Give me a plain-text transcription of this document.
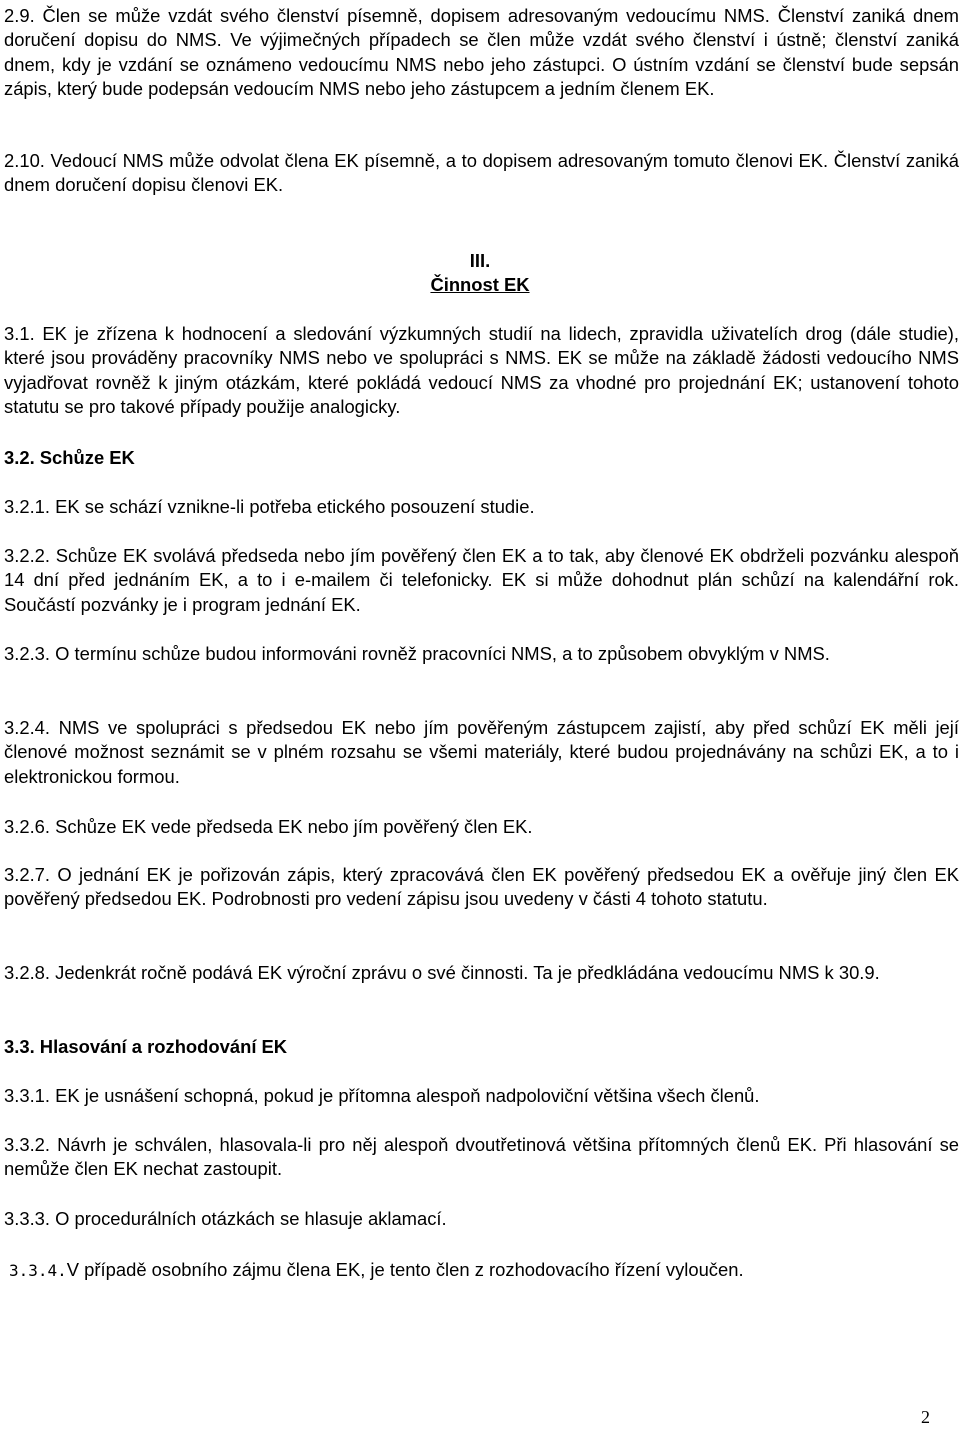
2.9. Člen se může vzdát svého členství písemně, dopisem adresovaným vedoucímu NMS. Členství zaniká dnem doručení dopisu do NMS. Ve výjimečných případech se člen může vzdát svého členství i ústně; členství zaniká dnem, kdy je vzdání se oznámeno vedoucímu NMS nebo jeho zástupci. O ústním vzdání se členství bude sepsán zápis, který bude podepsán vedoucím NMS nebo jeho zástupcem a jedním členem EK.

2.10. Vedoucí NMS může odvolat člena EK písemně, a to dopisem adresovaným tomuto členovi EK. Členství zaniká dnem doručení dopisu členovi EK.

III.

Činnost EK

3.1. EK je zřízena k hodnocení a sledování výzkumných studií na lidech, zpravidla uživatelích drog (dále studie), které jsou prováděny pracovníky NMS nebo ve spolupráci s NMS. EK se může na základě žádosti vedoucího NMS vyjadřovat rovněž k jiným otázkám, které pokládá vedoucí NMS za vhodné pro projednání EK; ustanovení tohoto statutu se pro takové případy použije analogicky.

3.2. Schůze EK

3.2.1. EK se schází vznikne-li potřeba etického posouzení studie.

3.2.2. Schůze EK svolává předseda nebo jím pověřený člen EK a to tak, aby členové EK obdrželi pozvánku alespoň 14 dní před jednáním EK, a to i e-mailem či telefonicky. EK si může dohodnut plán schůzí na kalendářní rok. Součástí pozvánky je i program jednání EK.

3.2.3. O termínu schůze budou informováni rovněž pracovníci NMS, a to způsobem obvyklým v NMS.

3.2.4. NMS ve spolupráci s předsedou EK nebo jím pověřeným zástupcem zajistí, aby před schůzí EK měli její členové možnost seznámit se v plném rozsahu se všemi materiály, které budou projednávány na schůzi EK, a to i elektronickou formou.

3.2.6. Schůze EK vede předseda EK nebo jím pověřený člen EK.

3.2.7. O jednání EK je pořizován zápis, který zpracovává člen EK pověřený předsedou EK a ověřuje jiný člen EK pověřený předsedou EK. Podrobnosti pro vedení zápisu jsou uvedeny v části 4 tohoto statutu.

3.2.8. Jedenkrát ročně podává EK výroční zprávu o své činnosti. Ta je předkládána vedoucímu NMS k 30.9.

3.3. Hlasování a rozhodování EK

3.3.1. EK je usnášení schopná, pokud je přítomna alespoň nadpoloviční většina všech členů.

3.3.2. Návrh je schválen, hlasovala-li pro něj alespoň dvoutřetinová většina přítomných členů EK. Při hlasování se nemůže člen EK nechat zastoupit.

3.3.3. O procedurálních otázkách se hlasuje aklamací.

3.3.4.V případě osobního zájmu člena EK, je tento člen z rozhodovacího řízení vyloučen.

2
